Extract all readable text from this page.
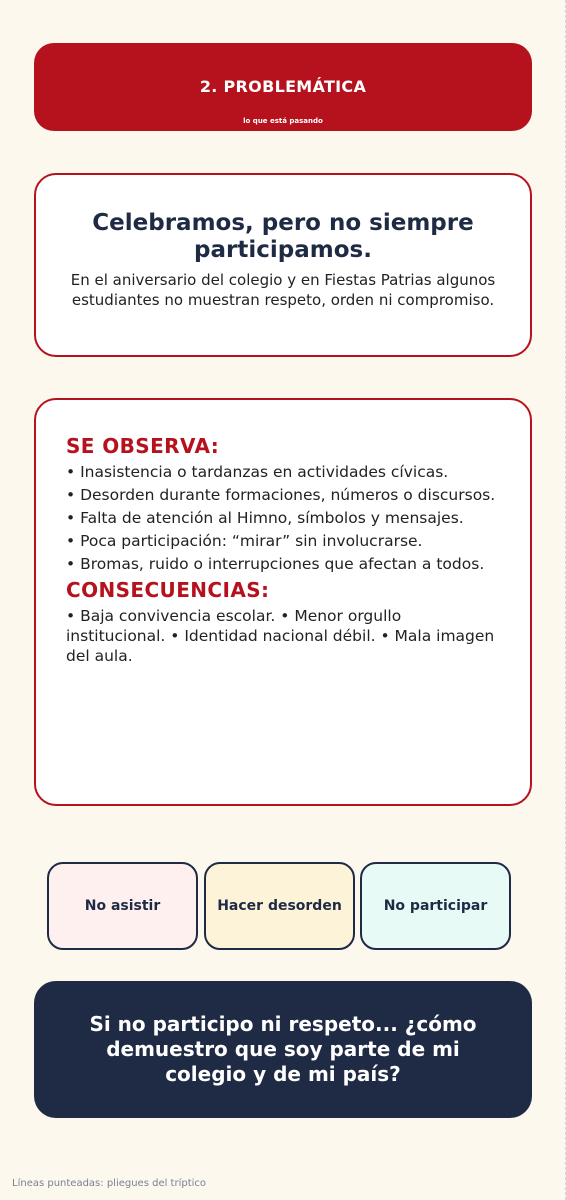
2. PROBLEMÁTICA
lo que está pasando
Celebramos, pero no siempre participamos.

En el aniversario del colegio y en Fiestas Patrias algunos estudiantes no muestran respeto, orden ni compromiso.

SE OBSERVA:
• Inasistencia o tardanzas en actividades cívicas.
• Desorden durante formaciones, números o discursos.
• Falta de atención al Himno, símbolos y mensajes.
• Poca participación: “mirar” sin involucrarse.
• Bromas, ruido o interrupciones que afectan a todos.
CONSECUENCIAS:

• Baja convivencia escolar. • Menor orgullo institucional. • Identidad nacional débil. • Mala imagen del aula.

No asistir	Hacer desorden	No participar
Si no participo ni respeto... ¿cómo demuestro que soy parte de mi colegio y de mi país?
Líneas punteadas: pliegues del tríptico
